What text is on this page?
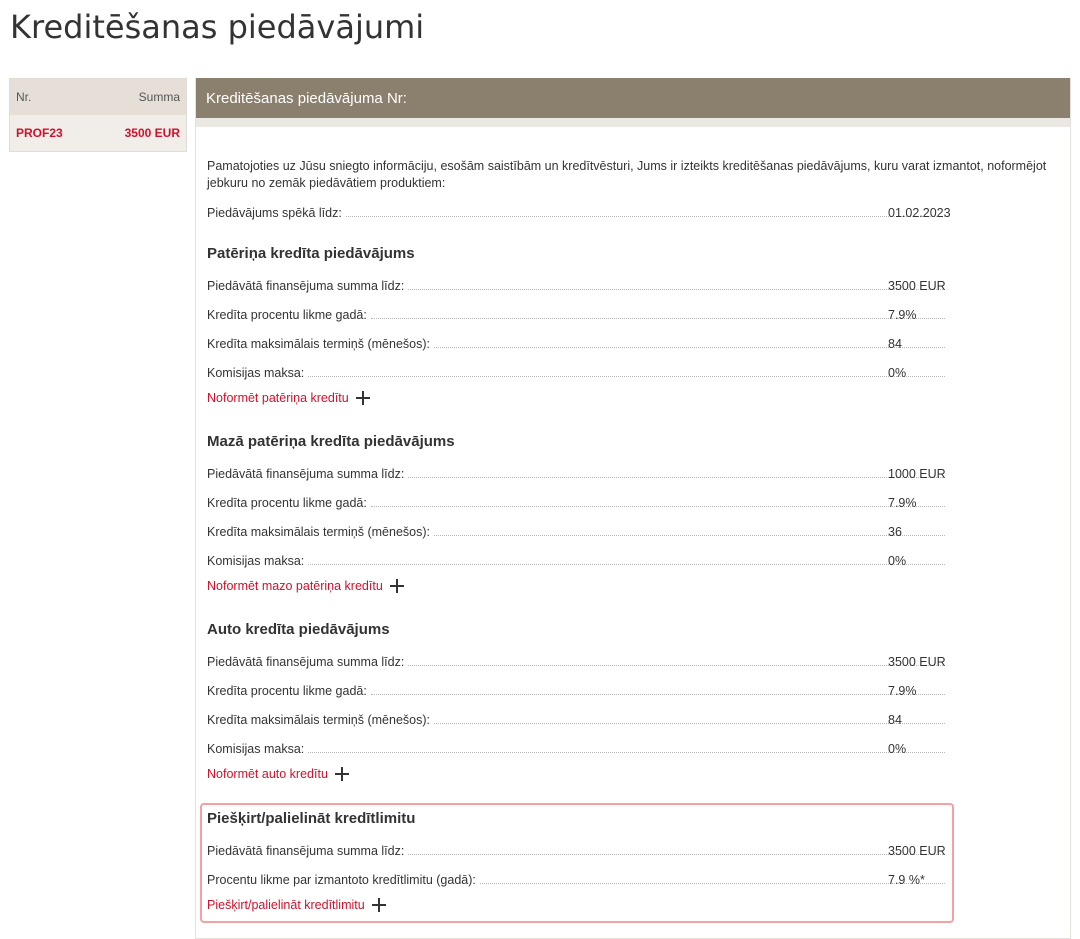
Kreditēšanas piedāvājumi
Nr.	Summa
PROF23	3500 EUR
Kreditēšanas piedāvājuma Nr:
Pamatojoties uz Jūsu sniegto informāciju, esošām saistībām un kredītvēsturi, Jums ir izteikts kreditēšanas piedāvājums, kuru varat izmantot, noformējot jebkuru no zemāk piedāvātiem produktiem:
Piedāvājums spēkā līdz:	01.02.2023
Patēriņa kredīta piedāvājums
Piedāvātā finansējuma summa līdz:	3500 EUR
Kredīta procentu likme gadā:	7.9%
Kredīta maksimālais termiņš (mēnešos):	84
Komisijas maksa:	0%
Noformēt patēriņa kredītu
Mazā patēriņa kredīta piedāvājums
Piedāvātā finansējuma summa līdz:	1000 EUR
Kredīta procentu likme gadā:	7.9%
Kredīta maksimālais termiņš (mēnešos):	36
Komisijas maksa:	0%
Noformēt mazo patēriņa kredītu
Auto kredīta piedāvājums
Piedāvātā finansējuma summa līdz:	3500 EUR
Kredīta procentu likme gadā:	7.9%
Kredīta maksimālais termiņš (mēnešos):	84
Komisijas maksa:	0%
Noformēt auto kredītu
Piešķirt/palielināt kredītlimitu
Piedāvātā finansējuma summa līdz:	3500 EUR
Procentu likme par izmantoto kredītlimitu (gadā):	7.9 %*
Piešķirt/palielināt kredītlimitu
